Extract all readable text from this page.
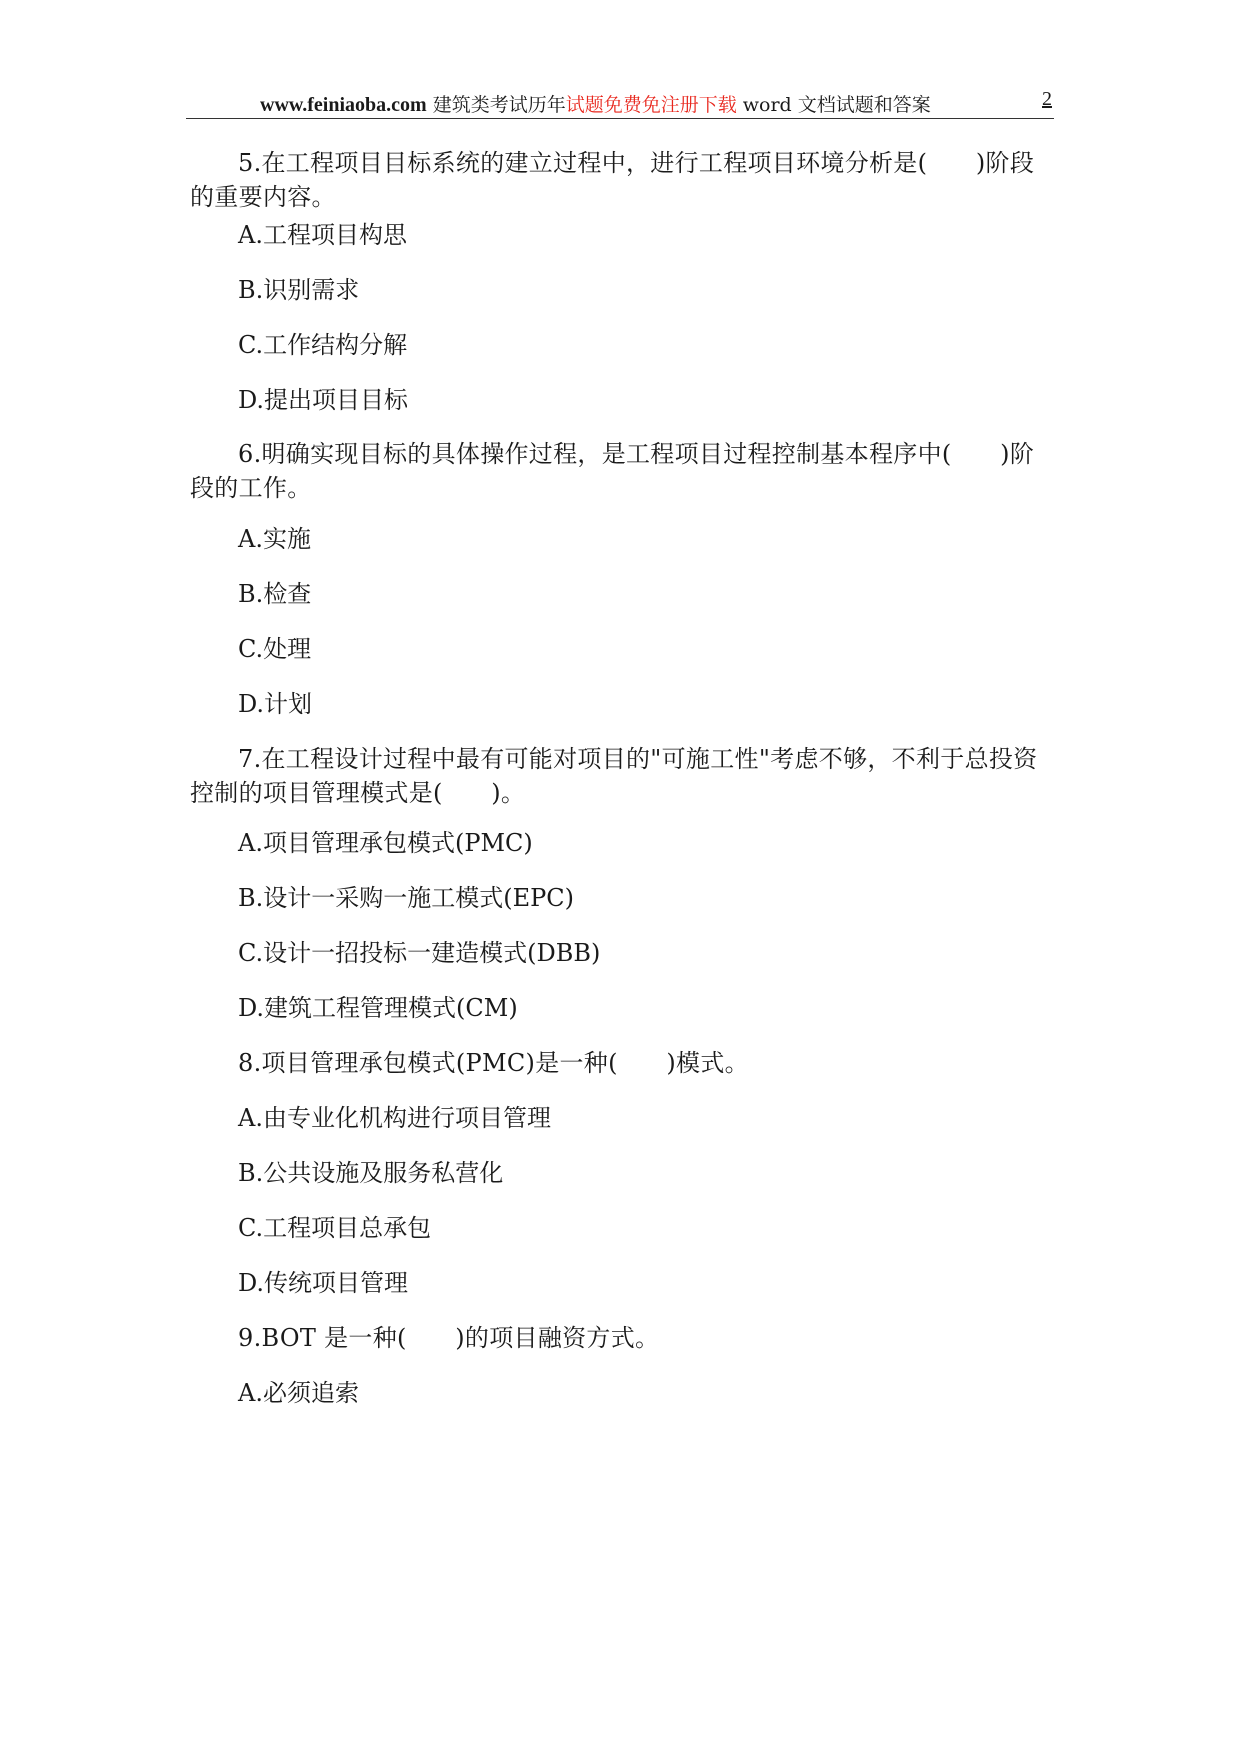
www.feiniaoba.com 建筑类考试历年试题免费免注册下载 word 文档试题和答案	2
5.在工程项目目标系统的建立过程中，进行工程项目环境分析是(　　)阶段
的重要内容。
A.工程项目构思
B.识别需求
C.工作结构分解
D.提出项目目标
6.明确实现目标的具体操作过程，是工程项目过程控制基本程序中(　　)阶
段的工作。
A.实施
B.检查
C.处理
D.计划
7.在工程设计过程中最有可能对项目的"可施工性"考虑不够，不利于总投资
控制的项目管理模式是(　　)。
A.项目管理承包模式(PMC)
B.设计一采购一施工模式(EPC)
C.设计一招投标一建造模式(DBB)
D.建筑工程管理模式(CM)
8.项目管理承包模式(PMC)是一种(　　)模式。
A.由专业化机构进行项目管理
B.公共设施及服务私营化
C.工程项目总承包
D.传统项目管理
9.BOT 是一种(　　)的项目融资方式。
A.必须追索
